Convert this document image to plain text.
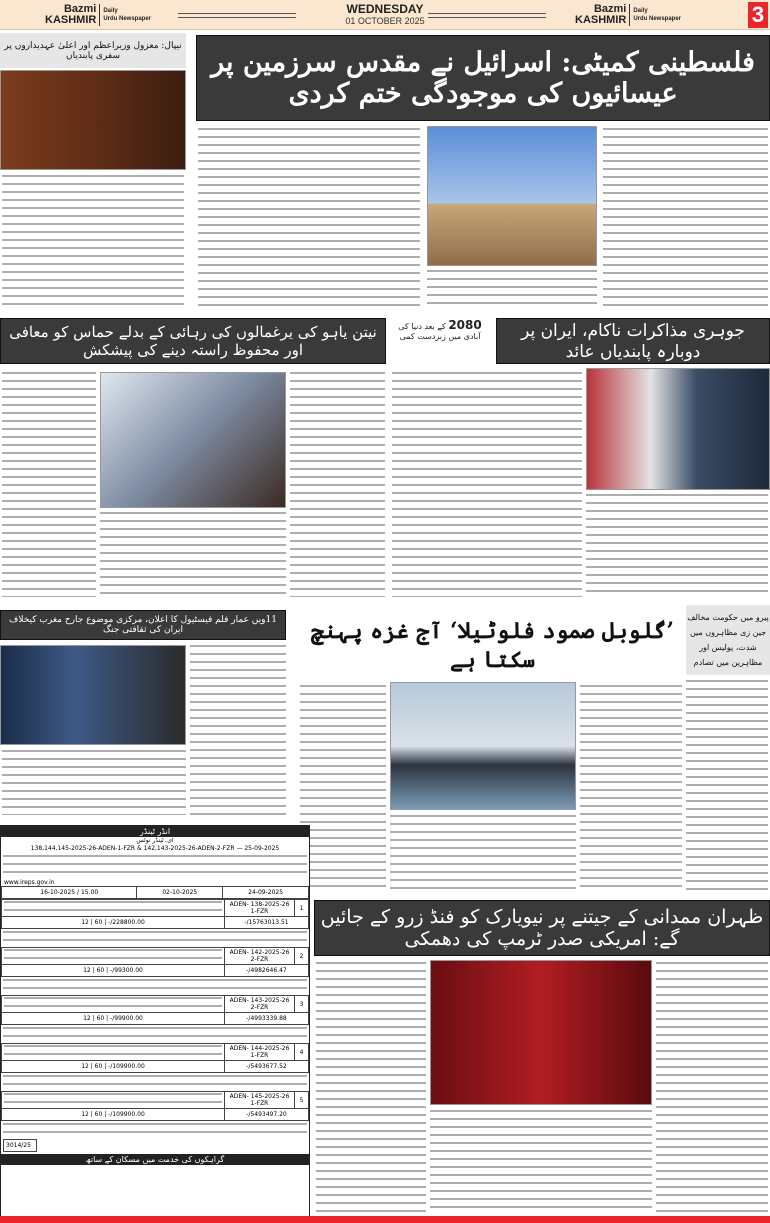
Bazmi
KASHMIR
Daily
Urdu Newspaper
WEDNESDAY
01 OCTOBER 2025
Bazmi
KASHMIR
Daily
Urdu Newspaper	3
نیپال: معزول وزیراعظم اور اعلیٰ عہدیداروں پر سفری پابندیاں	فلسطینی کمیٹی: اسرائیل نے مقدس سرزمین پر عیسائیوں کی موجودگی ختم کردی
نیتن یاہو کی یرغمالوں کی رہائی کے بدلے حماس کو معافی اور محفوظ راستہ دینے کی پیشکش
2080 کے بعد دنیا کی آبادی میں زبردست کمی	جوہری مذاکرات ناکام، ایران پر دوبارہ پابندیاں عائد
11ویں عمار فلم فیسٹیول کا اعلان، مرکزی موضوع جارح مغرب کیخلاف ایران کی ثقافتی جنگ	’گلوبل صمود فلوٹیلا‘ آج غزہ پہنچ سکتا ہے
پیرو میں حکومت مخالف جین زی مظاہروں میں شدت، پولیس اور مظاہرین میں تصادم
انڈر ٹینڈر
ای۔ٹینڈر نوٹس
138,144,145-2025-26-ADEN-1-FZR & 142,143-2025-26-ADEN-2-FZR — 25-09-2025
www.ireps.gov.in
24-09-2025	02-10-2025	15.00 / 16-10-2025
1	138-2025-26 ADEN-1-FZR	

15763013.51/-		228800.00/- | 60 | 12
2	142-2025-26 ADEN-2-FZR	

4982646.47/-		99300.00/- | 60 | 12
3	143-2025-26 ADEN-2-FZR	

4993339.88/-		99900.00/- | 60 | 12
4	144-2025-26 ADEN-1-FZR	

5493677.52/-		109900.00/- | 60 | 12
5	145-2025-26 ADEN-1-FZR	

5493497.20/-		109900.00/- | 60 | 12
3014/25
گراہکوں کی خدمت میں مسکان کے ساتھ
ظہران ممدانی کے جیتنے پر نیویارک کو فنڈ زرو کے جائیں گے: امریکی صدر ٹرمپ کی دھمکی
